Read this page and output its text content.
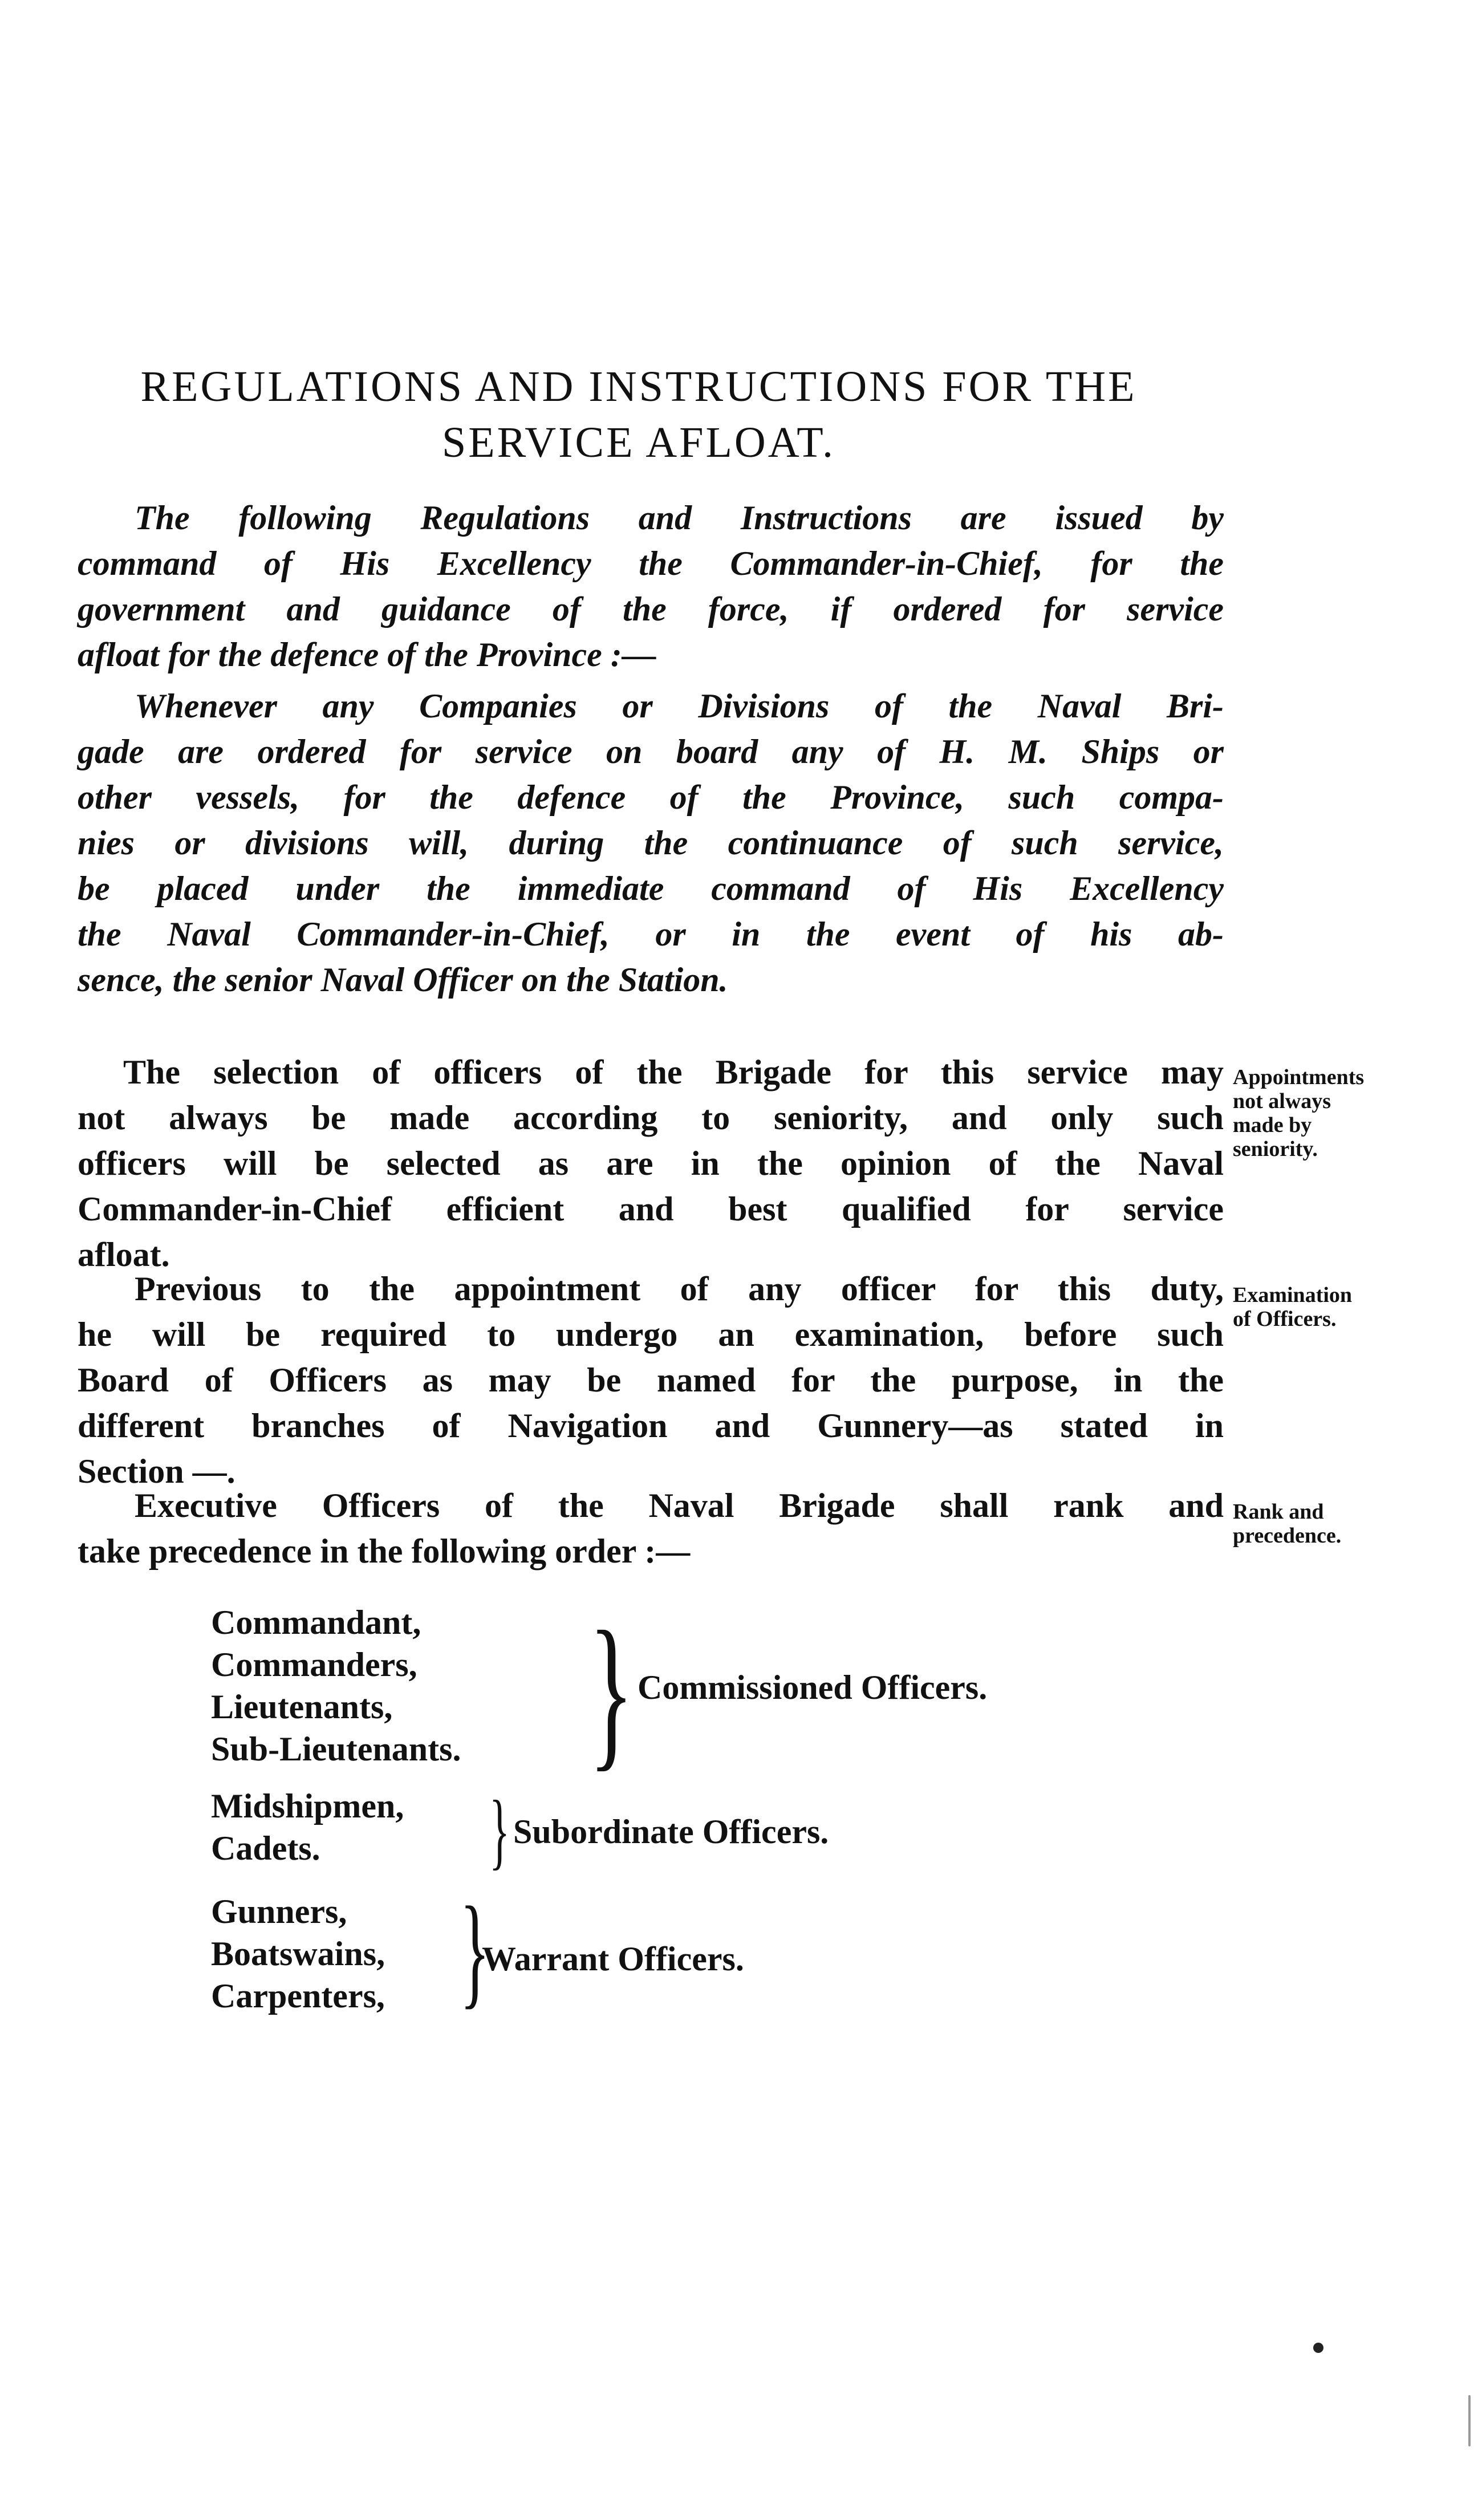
REGULATIONS AND INSTRUCTIONS FOR THE
SERVICE AFLOAT.
The following Regulations and Instructions are issued by
command of His Excellency the Commander-in-Chief, for the
government and guidance of the force, if ordered for service
afloat for the defence of the Province :—
Whenever any Companies or Divisions of the Naval Bri-
gade are ordered for service on board any of H. M. Ships or
other vessels, for the defence of the Province, such compa-
nies or divisions will, during the continuance of such service,
be placed under the immediate command of His Excellency
the Naval Commander-in-Chief, or in the event of his ab-
sence, the senior Naval Officer on the Station.
The selection of officers of the Brigade for this service may
not always be made according to seniority, and only such
officers will be selected as are in the opinion of the Naval
Commander-in-Chief efficient and best qualified for service
afloat.
Appointments
not always
made by
seniority.
Previous to the appointment of any officer for this duty,
he will be required to undergo an examination, before such
Board of Officers as may be named for the purpose, in the
different branches of Navigation and Gunnery—as stated in
Section —.
Examination
of Officers.
Executive Officers of the Naval Brigade shall rank and
take precedence in the following order :—
Rank and
precedence.
Commandant,
Commanders,
Lieutenants,
Sub-Lieutenants. } Commissioned Officers.
Midshipmen,
Cadets.	} Subordinate Officers.
Gunners,
Boatswains,
Carpenters, }
Warrant Officers.
